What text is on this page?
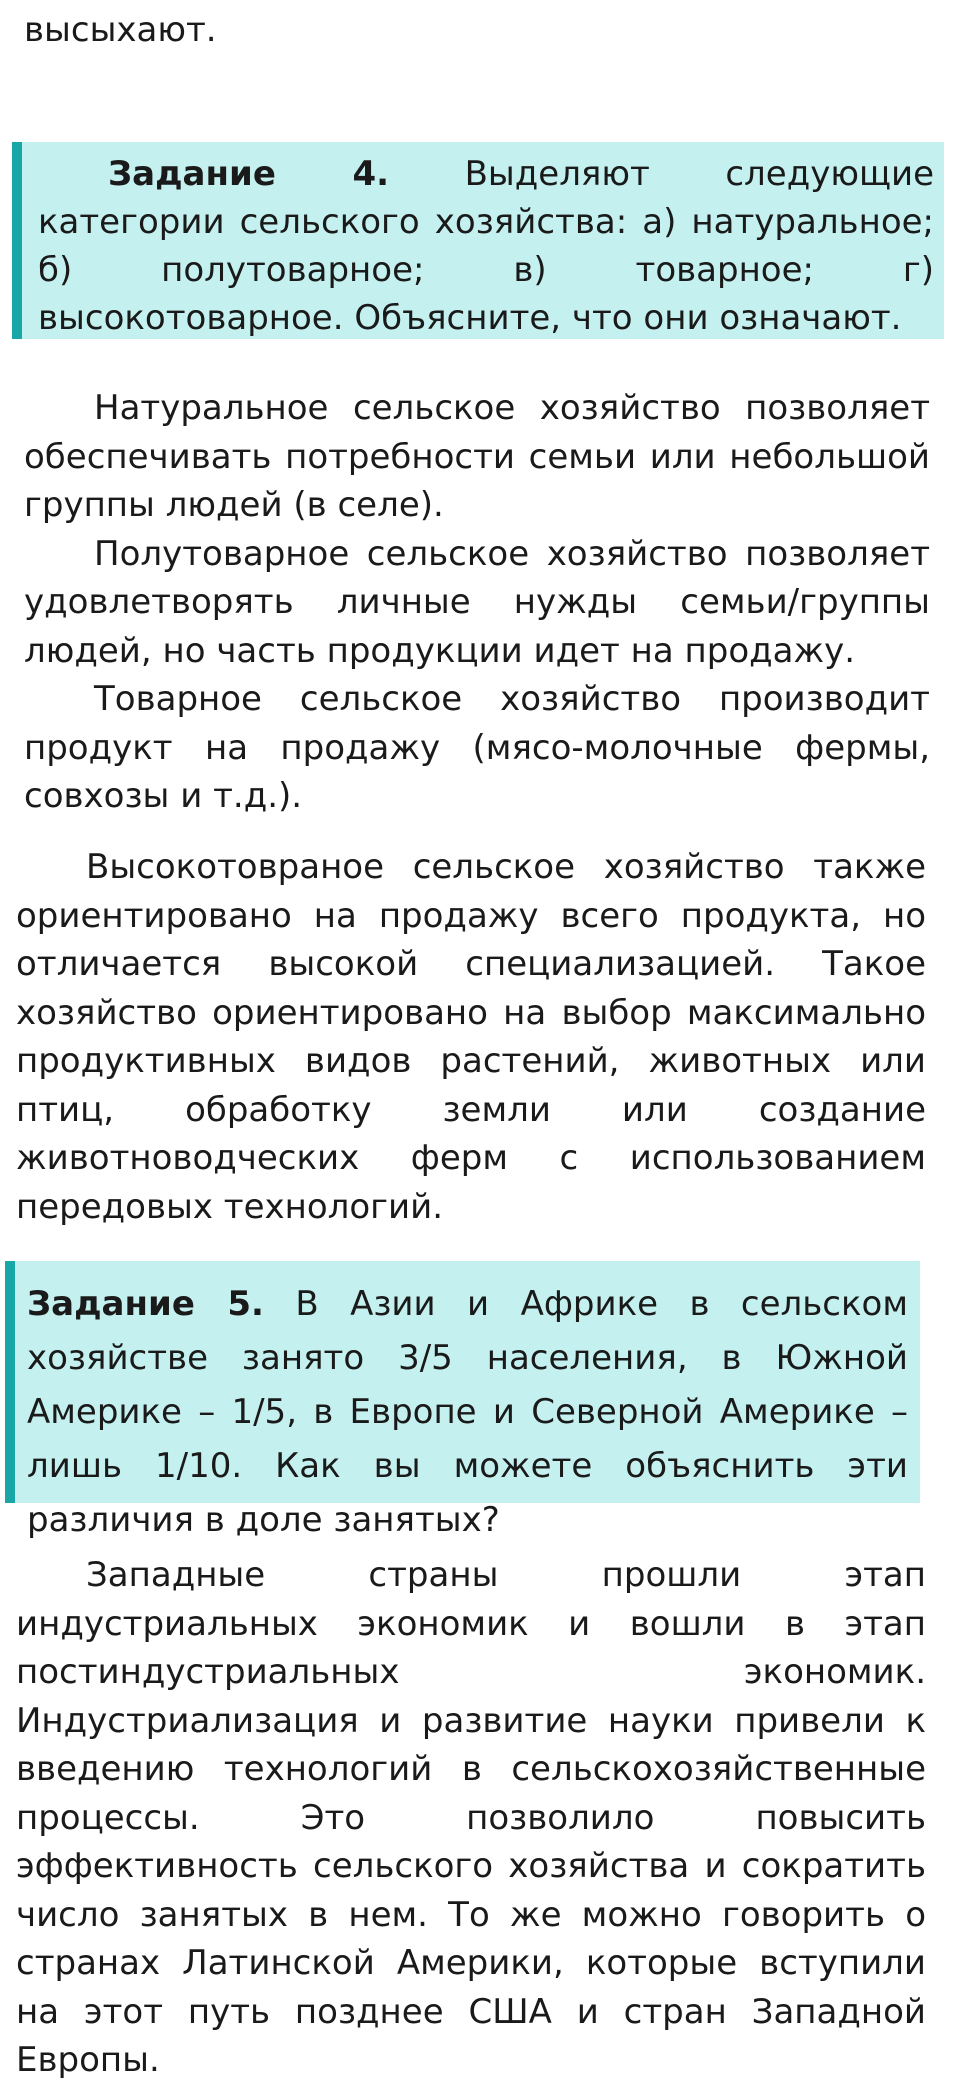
высыхают.

Задание 4. Выделяют следующие категории сельского хозяйства: а) натуральное; б) полутоварное; в) товарное; г) высокотоварное. Объясните, что они означают.

Натуральное сельское хозяйство позволяет обеспечивать потребности семьи или небольшой группы людей (в селе).

Полутоварное сельское хозяйство позволяет удовлетворять личные нужды семьи/группы людей, но часть продукции идет на продажу.

Товарное сельское хозяйство производит продукт на продажу (мясо-молочные фермы, совхозы и т.д.).

Высокотовраное сельское хозяйство также ориентировано на продажу всего продукта, но отличается высокой специализацией. Такое хозяйство ориентировано на выбор максимально продуктивных видов растений, животных или птиц, обработку земли или создание животноводческих ферм с использованием передовых технологий.

Задание 5. В Азии и Африке в сельском хозяйстве занято 3/5 населения, в Южной Америке – 1/5, в Европе и Северной Америке – лишь 1/10. Как вы можете объяснить эти различия в доле занятых?

Западные страны прошли этап индустриальных экономик и вошли в этап постиндустриальных экономик. Индустриализация и развитие науки привели к введению технологий в сельскохозяйственные процессы. Это позволило повысить эффективность сельского хозяйства и сократить число занятых в нем. То же можно говорить о странах Латинской Америки, которые вступили на этот путь позднее США и стран Западной Европы.
